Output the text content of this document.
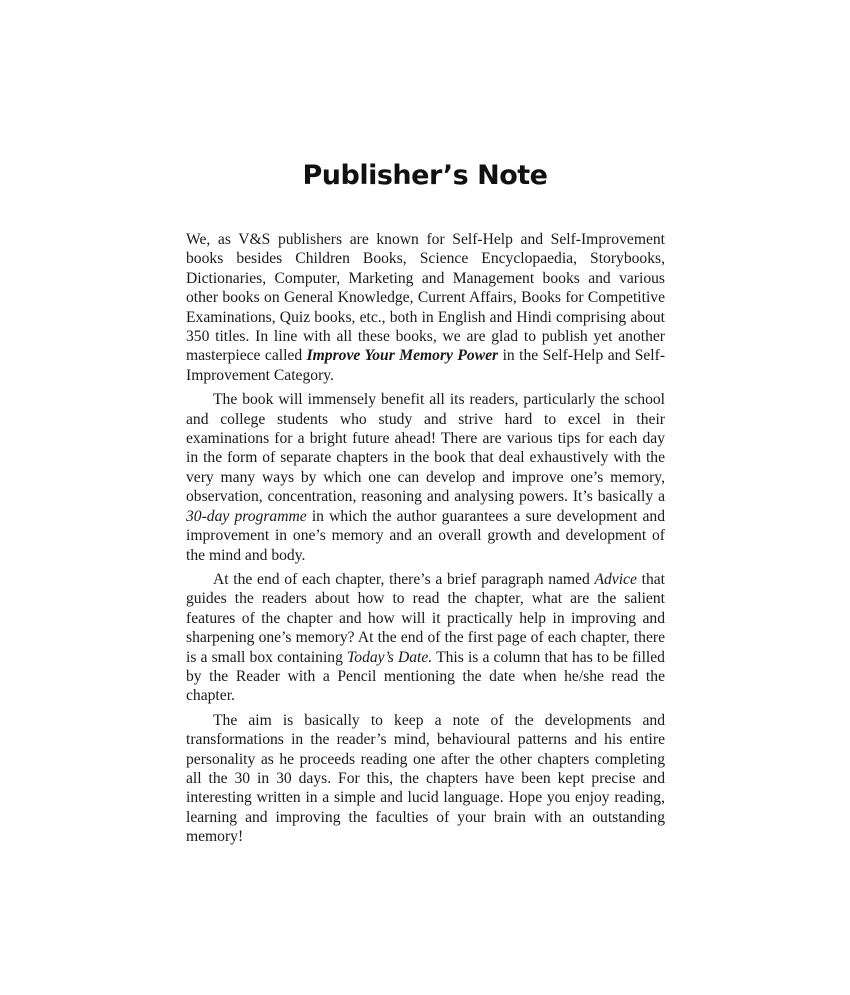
Publisher’s Note

We, as V&S publishers are known for Self-Help and Self-Improvement books besides Children Books, Science Encyclopaedia, Storybooks, Dictionaries, Computer, Marketing and Management books and various other books on General Knowledge, Current Affairs, Books for Competitive Examinations, Quiz books, etc., both in English and Hindi comprising about 350 titles. In line with all these books, we are glad to publish yet another masterpiece called Improve Your Memory Power in the Self-Help and Self-Improvement Category.

The book will immensely benefit all its readers, particularly the school and college students who study and strive hard to excel in their examinations for a bright future ahead! There are various tips for each day in the form of separate chapters in the book that deal exhaustively with the very many ways by which one can develop and improve one’s memory, observation, concentration, reasoning and analysing powers. It’s basically a 30-day programme in which the author guarantees a sure development and improvement in one’s memory and an overall growth and development of the mind and body.

At the end of each chapter, there’s a brief paragraph named Advice that guides the readers about how to read the chapter, what are the salient features of the chapter and how will it practically help in improving and sharpening one’s memory? At the end of the first page of each chapter, there is a small box containing Today’s Date. This is a column that has to be filled by the Reader with a Pencil mentioning the date when he/she read the chapter.

The aim is basically to keep a note of the developments and transformations in the reader’s mind, behavioural patterns and his entire personality as he proceeds reading one after the other chapters completing all the 30 in 30 days. For this, the chapters have been kept precise and interesting written in a simple and lucid language. Hope you enjoy reading, learning and improving the faculties of your brain with an outstanding memory!
